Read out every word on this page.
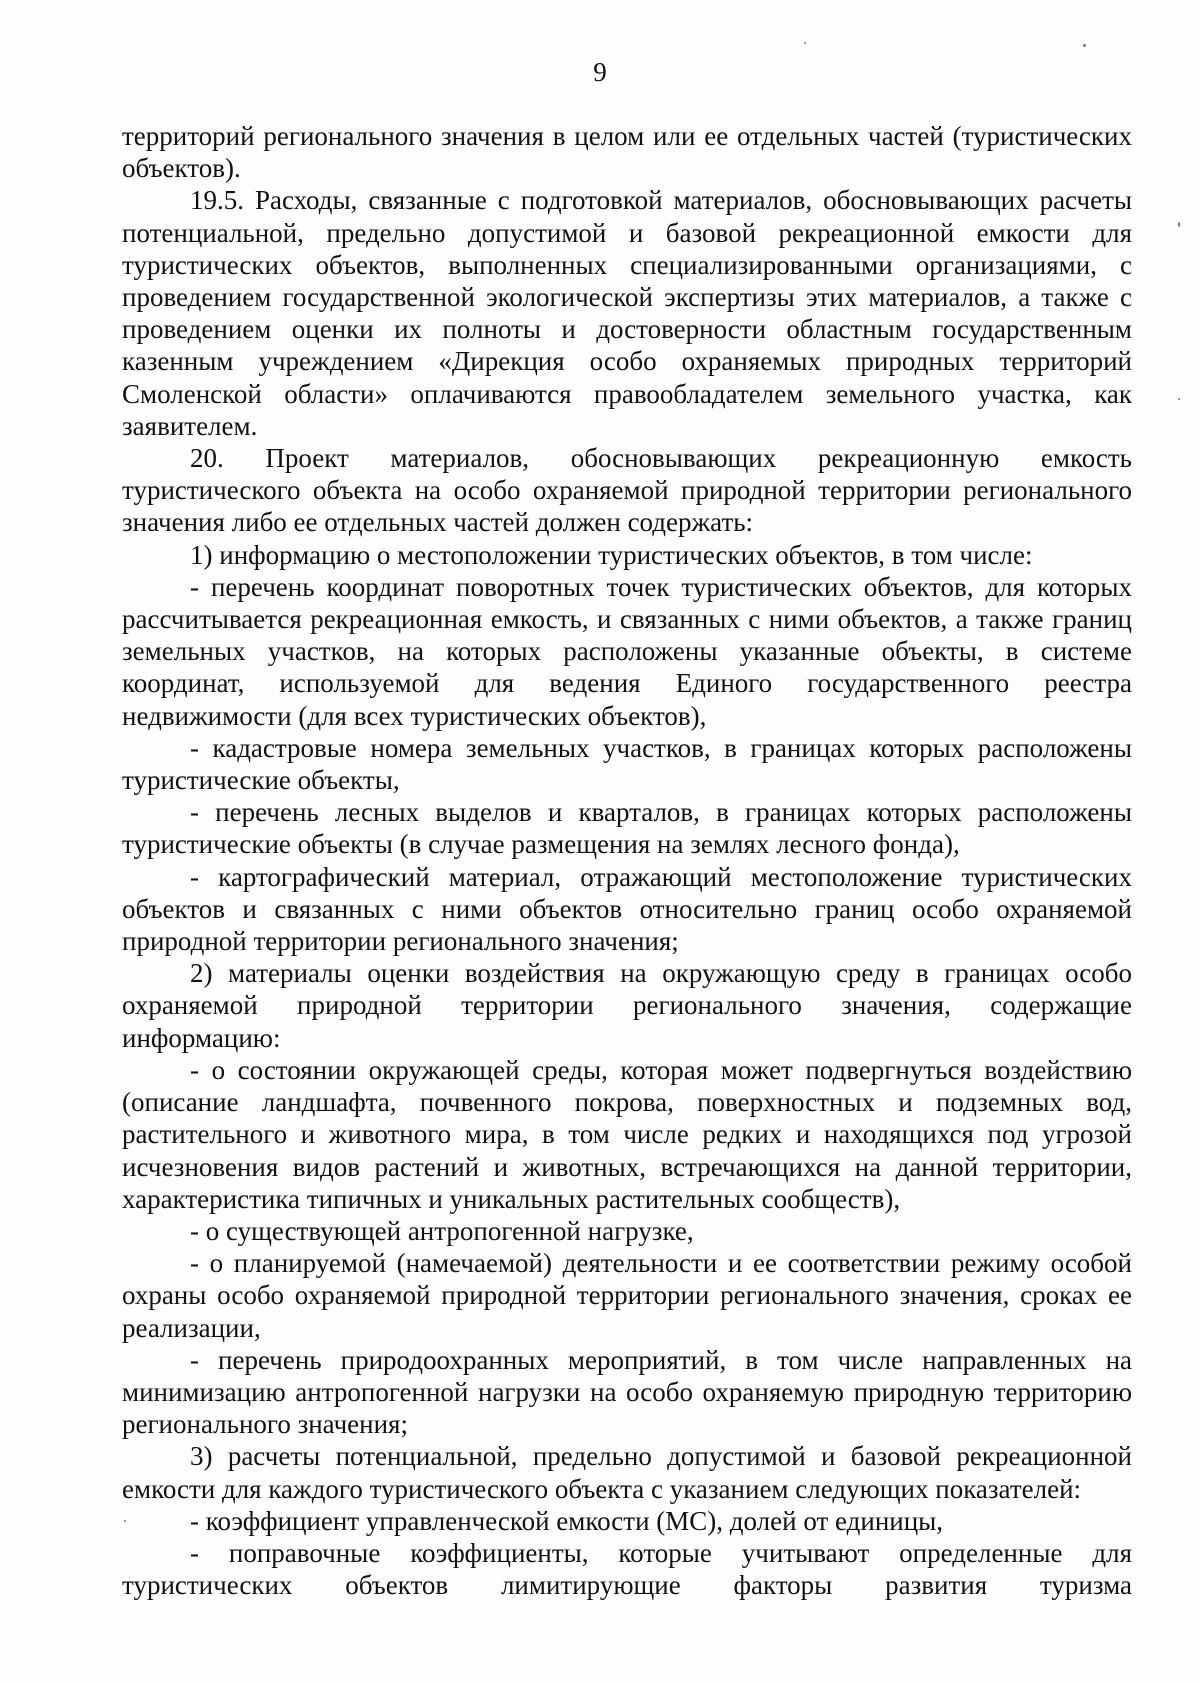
9

территорий регионального значения в целом или ее отдельных частей (туристических объектов).

19.5. Расходы, связанные с подготовкой материалов, обосновывающих расчеты потенциальной, предельно допустимой и базовой рекреационной емкости для туристических объектов, выполненных специализированными организациями, с проведением государственной экологической экспертизы этих материалов, а также с проведением оценки их полноты и достоверности областным государственным казенным учреждением «Дирекция особо охраняемых природных территорий Смоленской области» оплачиваются правообладателем земельного участка, как заявителем.

20. Проект материалов, обосновывающих рекреационную емкость туристического объекта на особо охраняемой природной территории регионального значения либо ее отдельных частей должен содержать:

1) информацию о местоположении туристических объектов, в том числе:

- перечень координат поворотных точек туристических объектов, для которых рассчитывается рекреационная емкость, и связанных с ними объектов, а также границ земельных участков, на которых расположены указанные объекты, в системе координат, используемой для ведения Единого государственного реестра недвижимости (для всех туристических объектов),

- кадастровые номера земельных участков, в границах которых расположены туристические объекты,

- перечень лесных выделов и кварталов, в границах которых расположены туристические объекты (в случае размещения на землях лесного фонда),

- картографический материал, отражающий местоположение туристических объектов и связанных с ними объектов относительно границ особо охраняемой природной территории регионального значения;

2) материалы оценки воздействия на окружающую среду в границах особо охраняемой природной территории регионального значения, содержащие информацию:

- о состоянии окружающей среды, которая может подвергнуться воздействию (описание ландшафта, почвенного покрова, поверхностных и подземных вод, растительного и животного мира, в том числе редких и находящихся под угрозой исчезновения видов растений и животных, встречающихся на данной территории, характеристика типичных и уникальных растительных сообществ),

- о существующей антропогенной нагрузке,

- о планируемой (намечаемой) деятельности и ее соответствии режиму особой охраны особо охраняемой природной территории регионального значения, сроках ее реализации,

- перечень природоохранных мероприятий, в том числе направленных на минимизацию антропогенной нагрузки на особо охраняемую природную территорию регионального значения;

3) расчеты потенциальной, предельно допустимой и базовой рекреационной емкости для каждого туристического объекта с указанием следующих показателей:

- коэффициент управленческой емкости (МС), долей от единицы,

- поправочные коэффициенты, которые учитывают определенные для туристических объектов лимитирующие факторы развития туризма
